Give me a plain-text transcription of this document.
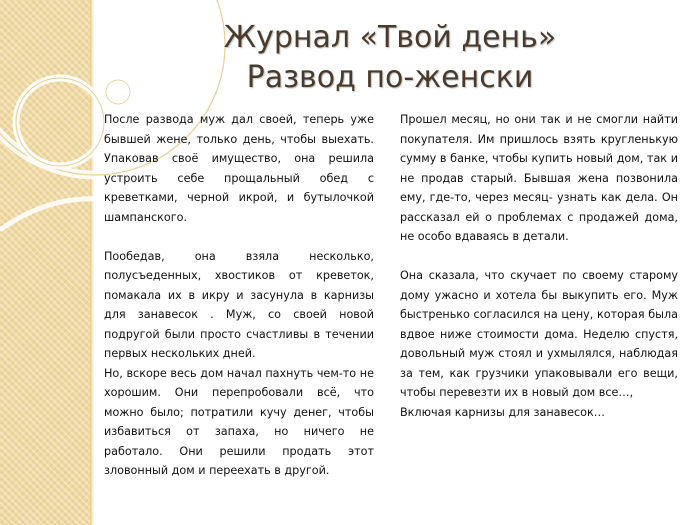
Журнал «Твой день»
Развод по-женски

После развода муж дал своей, теперь уже бывшей жене, только день, чтобы выехать. Упаковав своё имущество, она решила устроить себе прощальный обед с креветками, черной икрой, и бутылочкой шампанского.

Пообедав, она взяла несколько, полусъеденных, хвостиков от креветок, помакала их в икру и засунула в карнизы для занавесок . Муж, со своей новой подругой были просто счастливы в течении первых нескольких дней.

Но, вскоре весь дом начал пахнуть чем-то не хорошим. Они перепробовали всё, что можно было; потратили кучу денег, чтобы избавиться от запаха, но ничего не работало. Они решили продать этот зловонный дом и переехать в другой.

Прошел месяц, но они так и не смогли найти покупателя. Им пришлось взять кругленькую сумму в банке, чтобы купить новый дом, так и не продав старый. Бывшая жена позвонила ему, где-то, через месяц- узнать как дела. Он рассказал ей о проблемах с продажей дома, не особо вдаваясь в детали.

Она сказала, что скучает по своему старому дому ужасно и хотела бы выкупить его. Муж быстренько согласился на цену, которая была вдвое ниже стоимости дома. Неделю спустя, довольный муж стоял и ухмылялся, наблюдая за тем, как грузчики упаковывали его вещи, чтобы перевезти их в новый дом все…,

Включая карнизы для занавесок…
